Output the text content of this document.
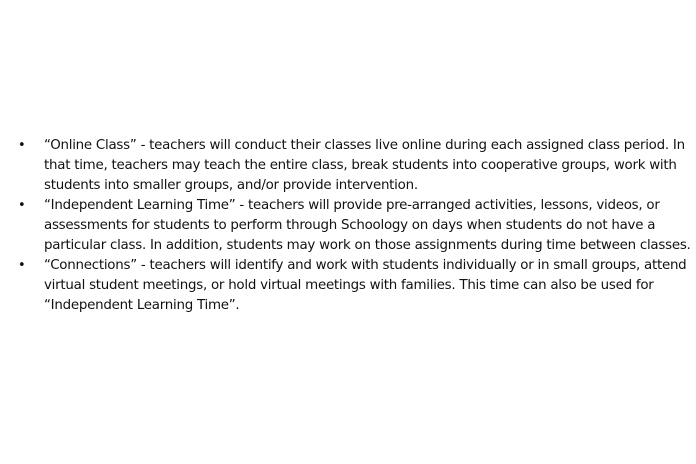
• “Online Class” - teachers will conduct their classes live online during each assigned class period. In
that time, teachers may teach the entire class, break students into cooperative groups, work with
students into smaller groups, and/or provide intervention.
• “Independent Learning Time” - teachers will provide pre-arranged activities, lessons, videos, or
assessments for students to perform through Schoology on days when students do not have a
particular class. In addition, students may work on those assignments during time between classes.
• “Connections” - teachers will identify and work with students individually or in small groups, attend
virtual student meetings, or hold virtual meetings with families. This time can also be used for
“Independent Learning Time”.
